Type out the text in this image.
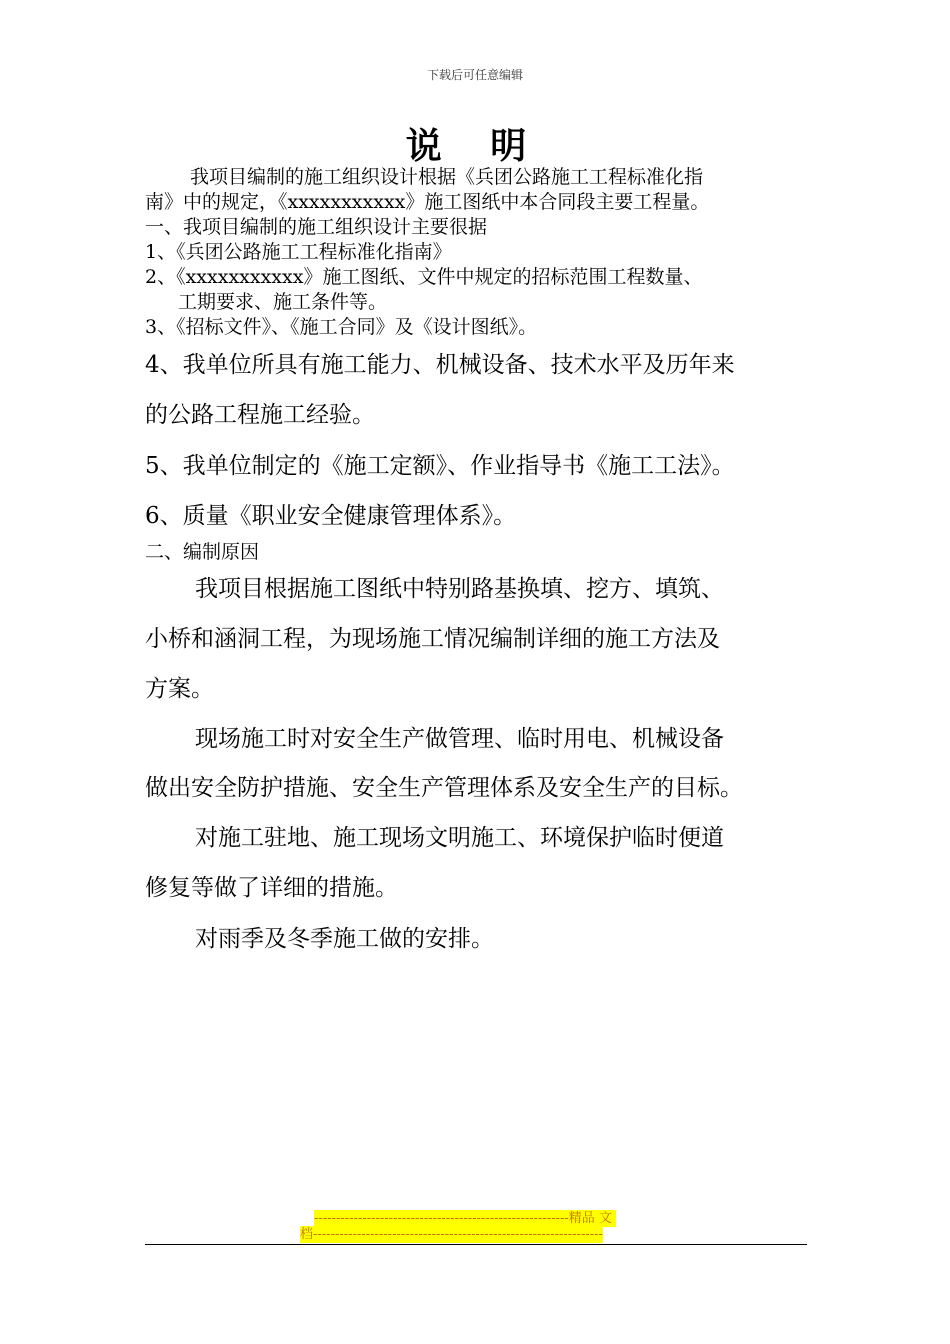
下载后可任意编辑
说 明
我项目编制的施工组织设计根据《兵团公路施工工程标准化指
南》中的规定，《xxxxxxxxxxx》施工图纸中本合同段主要工程量。
一、我项目编制的施工组织设计主要很据
1、《兵团公路施工工程标准化指南》
2、《xxxxxxxxxxx》施工图纸、文件中规定的招标范围工程数量、
工期要求、施工条件等。
3、《招标文件》、《施工合同》及《设计图纸》。
4、我单位所具有施工能力、机械设备、技术水平及历年来
的公路工程施工经验。
5、我单位制定的《施工定额》、作业指导书《施工工法》。
6、质量《职业安全健康管理体系》。
二、编制原因
我项目根据施工图纸中特别路基换填、挖方、填筑、
小桥和涵洞工程，为现场施工情况编制详细的施工方法及
方案。
现场施工时对安全生产做管理、临时用电、机械设备
做出安全防护措施、安全生产管理体系及安全生产的目标。
对施工驻地、施工现场文明施工、环境保护临时便道
修复等做了详细的措施。
对雨季及冬季施工做的安排。
----------------------------------------------------------精品 文
档------------------------------------------------------------------
